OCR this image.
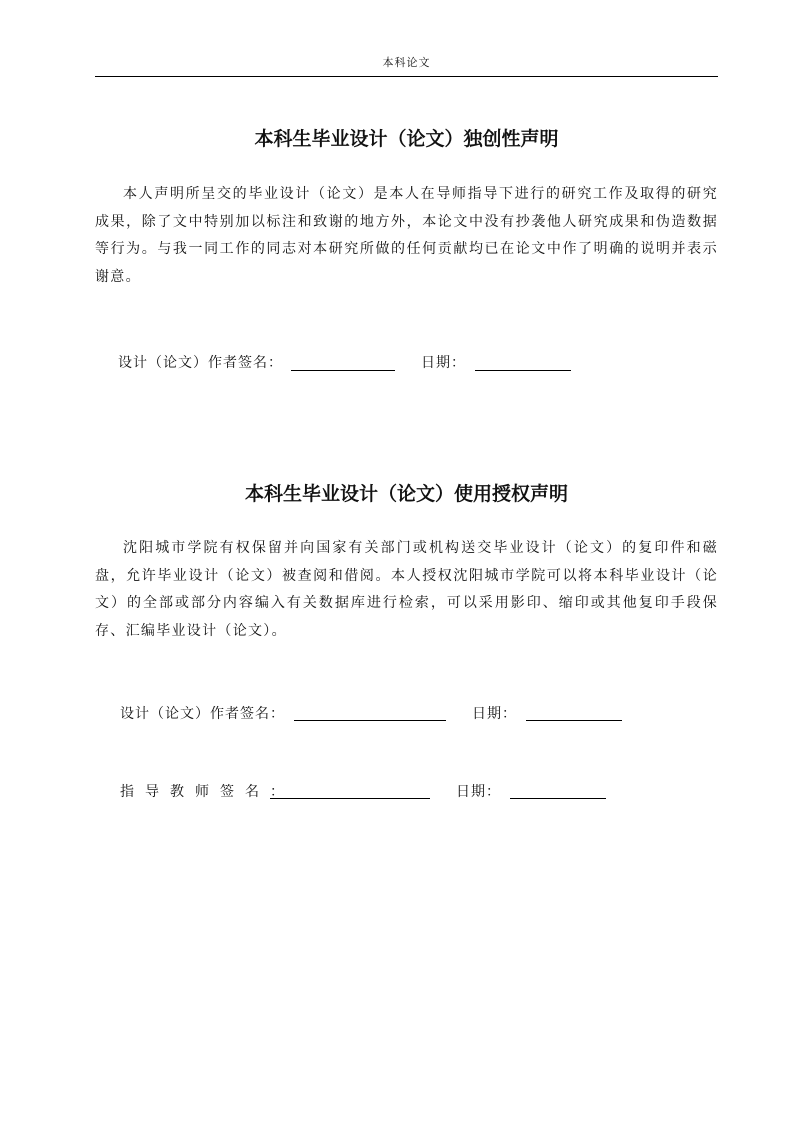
本科论文
本科生毕业设计（论文）独创性声明
本人声明所呈交的毕业设计（论文）是本人在导师指导下进行的研究工作及取得的研究成果，除了文中特别加以标注和致谢的地方外，本论文中没有抄袭他人研究成果和伪造数据等行为。与我一同工作的同志对本研究所做的任何贡献均已在论文中作了明确的说明并表示谢意。
设计（论文）作者签名：	日期：
本科生毕业设计（论文）使用授权声明
沈阳城市学院有权保留并向国家有关部门或机构送交毕业设计（论文）的复印件和磁盘，允许毕业设计（论文）被查阅和借阅。本人授权沈阳城市学院可以将本科毕业设计（论文）的全部或部分内容编入有关数据库进行检索，可以采用影印、缩印或其他复印手段保存、汇编毕业设计（论文）。
设计（论文）作者签名：	日期：
指导教师签名：	日期：
